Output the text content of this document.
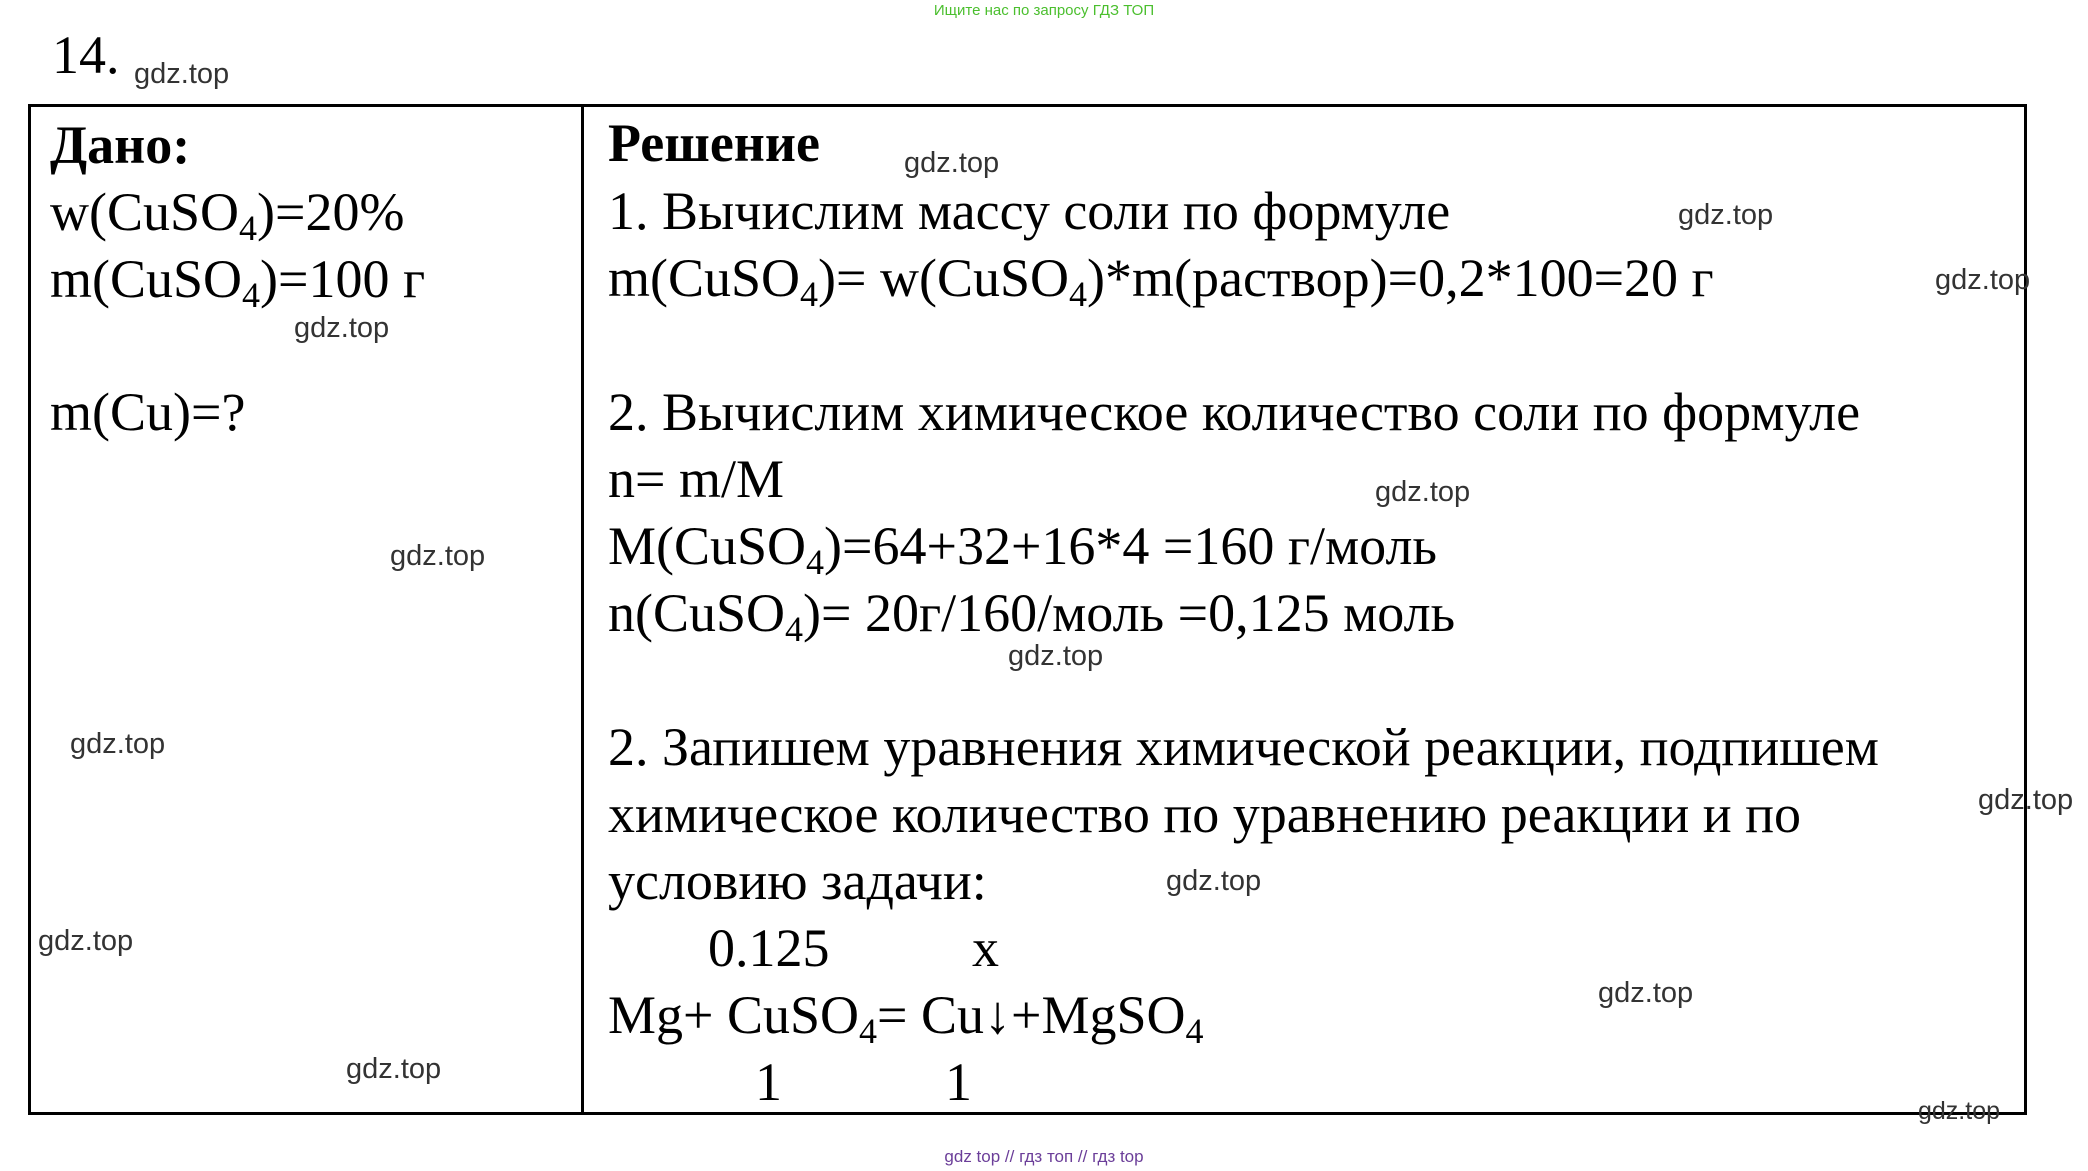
Ищите нас по запросу ГДЗ ТОП
14.
Дано:
w(CuSO$_4$)=20%
m(CuSO$_4$)=100 г
m(Cu)=?
Решение
1. Вычислим массу соли по формуле
m(CuSO$_4$)= w(CuSO$_4$)*m(раствор)=0,2*100=20 г
2. Вычислим химическое количество соли по формуле
n= m/M
M(CuSO$_4$)=64+32+16*4 =160 г/моль
n(CuSO$_4$)= 20г/160/моль =0,125 моль
2. Запишем уравнения химической реакции, подпишем
химическое количество по уравнению реакции и по
условию задачи:
0.125	x
Mg+ CuSO$_4$= Cu↓+MgSO$_4$
1	1
gdz.top
gdz.top
gdz.top
gdz.top
gdz.top
gdz.top
gdz.top
gdz.top
gdz.top
gdz.top
gdz.top
gdz.top
gdz.top
gdz.top
gdz.top
gdz top // гдз топ // гдз top
